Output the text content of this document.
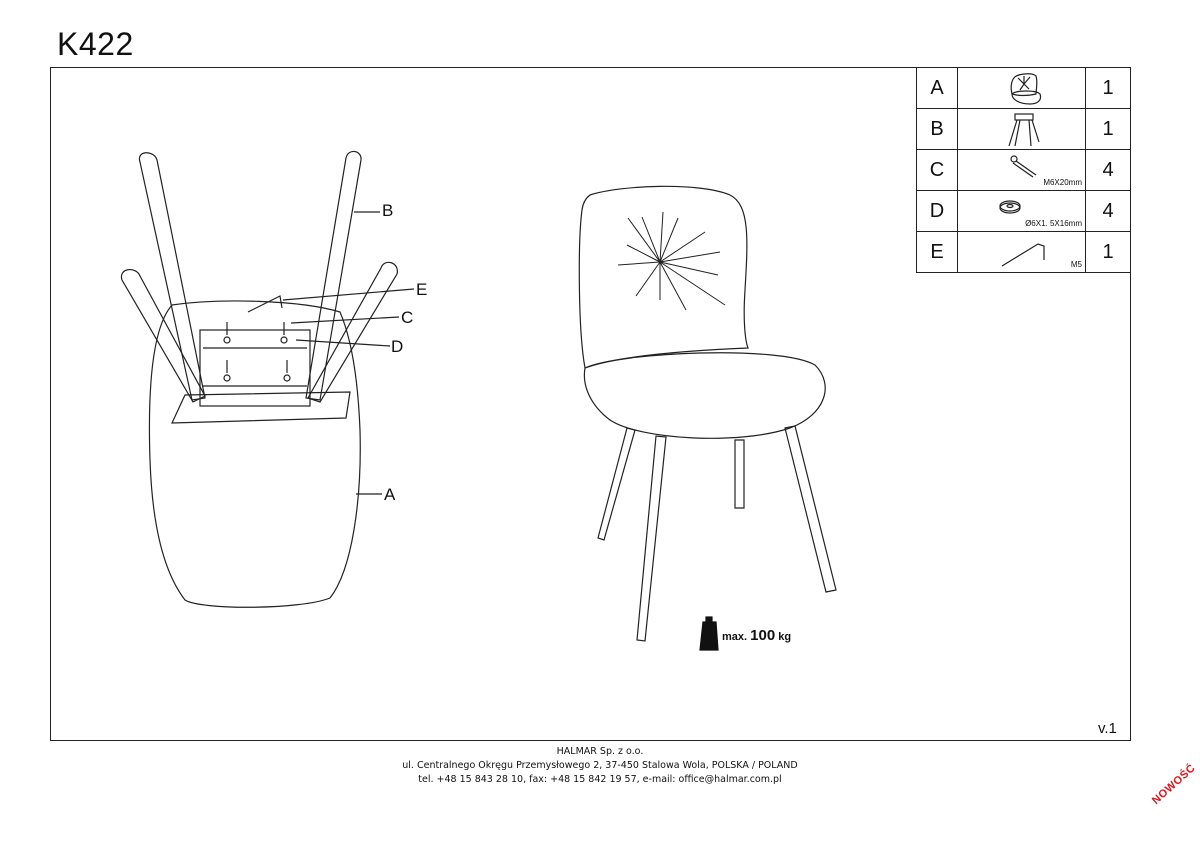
K422
B
E
C
D
A
A		1
B		1
C	M6X20mm	4
D	Ø6X1. 5X16mm	4
E	M5	1
max. 100 kg
v.1
HALMAR Sp. z o.o.
ul. Centralnego Okręgu Przemysłowego 2, 37-450 Stalowa Wola, POLSKA / POLAND
tel. +48 15 843 28 10, fax: +48 15 842 19 57, e-mail: office@halmar.com.pl	NOWOŚĆ
